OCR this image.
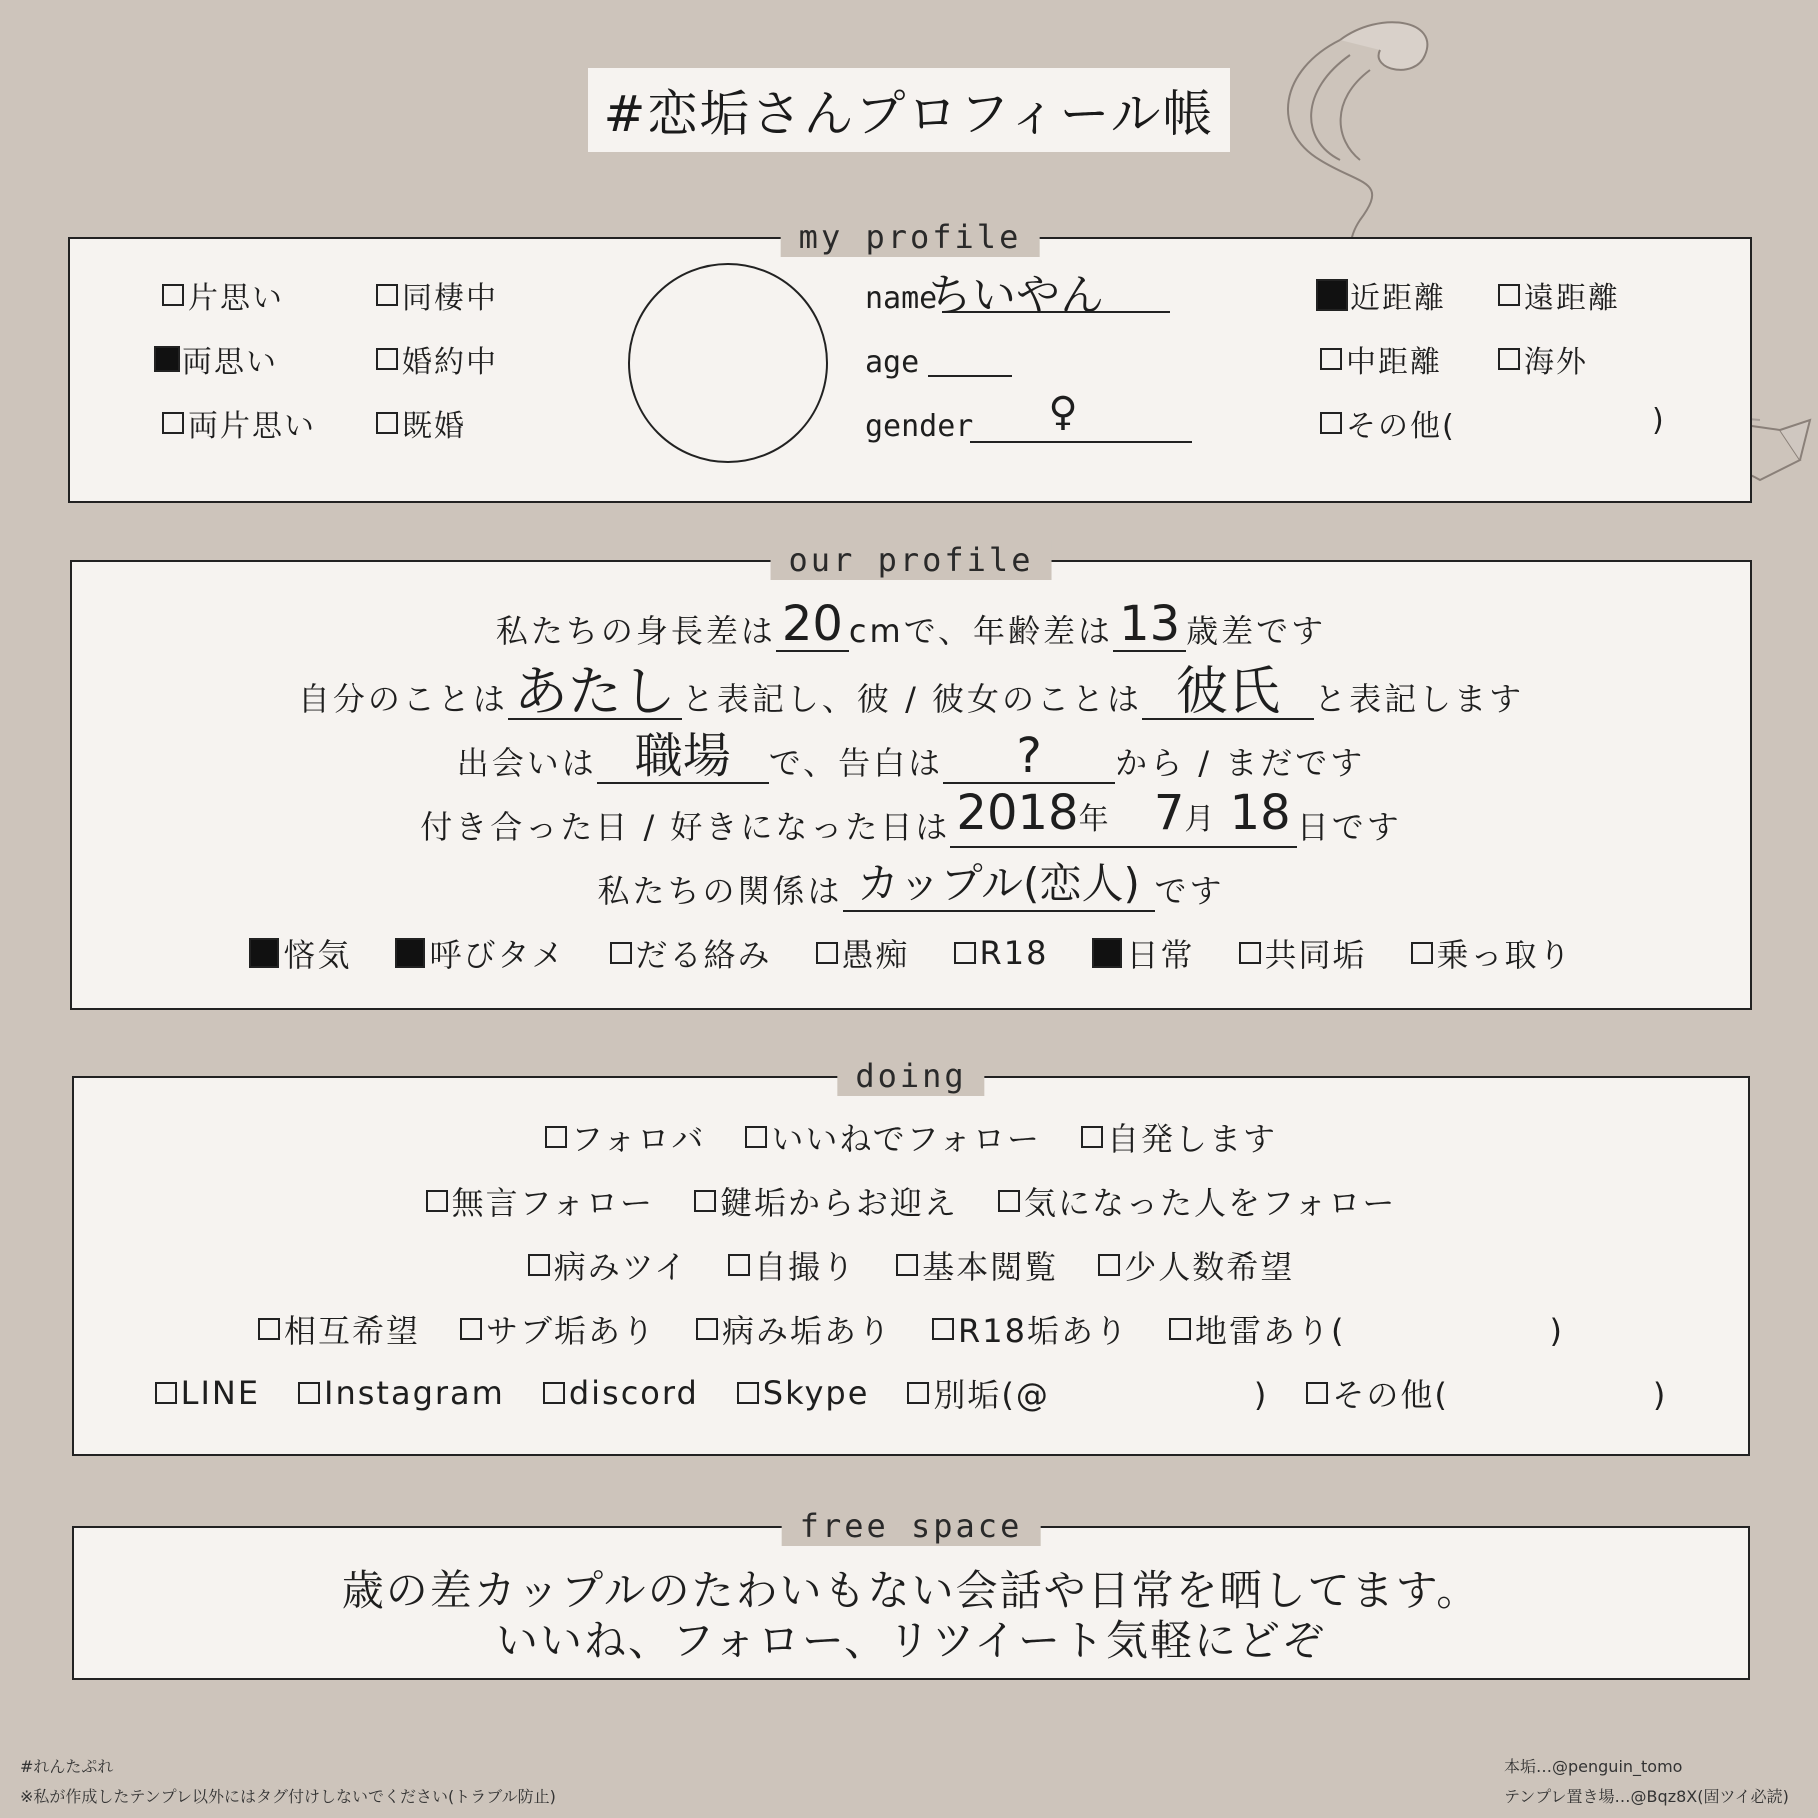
#恋垢さんプロフィール帳
my profile
片思い	同棲中
両思い	婚約中
両片思い	既婚
name
ちいやん
age
gender	♀
近距離	遠距離
中距離	海外
その他(	)
our profile
私たちの身長差は 20 cmで、年齢差は 13 歳差です
自分のことは あたし と表記し、彼 / 彼女のことは 彼氏	と表記します
出会いは 職場	で、告白は	?	から / まだです
付き合った日 / 好きになった日は 2018年 7月 18 日です
私たちの関係は カップル(恋人) です
悋気 呼びタメ だる絡み 愚痴 R18 日常 共同垢 乗っ取り
doing
フォロバ いいねでフォロー 自発します
無言フォロー 鍵垢からお迎え 気になった人をフォロー
病みツイ 自撮り 基本閲覧 少人数希望
相互希望 サブ垢あり 病み垢あり R18垢あり 地雷あり(　　　　　　)
LINE Instagram discord Skype 別垢(@　　　　　　) その他(　　　　　　)
free space
歳の差カップルのたわいもない会話や日常を晒してます。
いいね、フォロー、リツイート気軽にどぞ
#れんたぷれ
※私が作成したテンプレ以外にはタグ付けしないでください(トラブル防止)
本垢…@penguin_tomo
テンプレ置き場…@Bqz8X(固ツイ必読)
